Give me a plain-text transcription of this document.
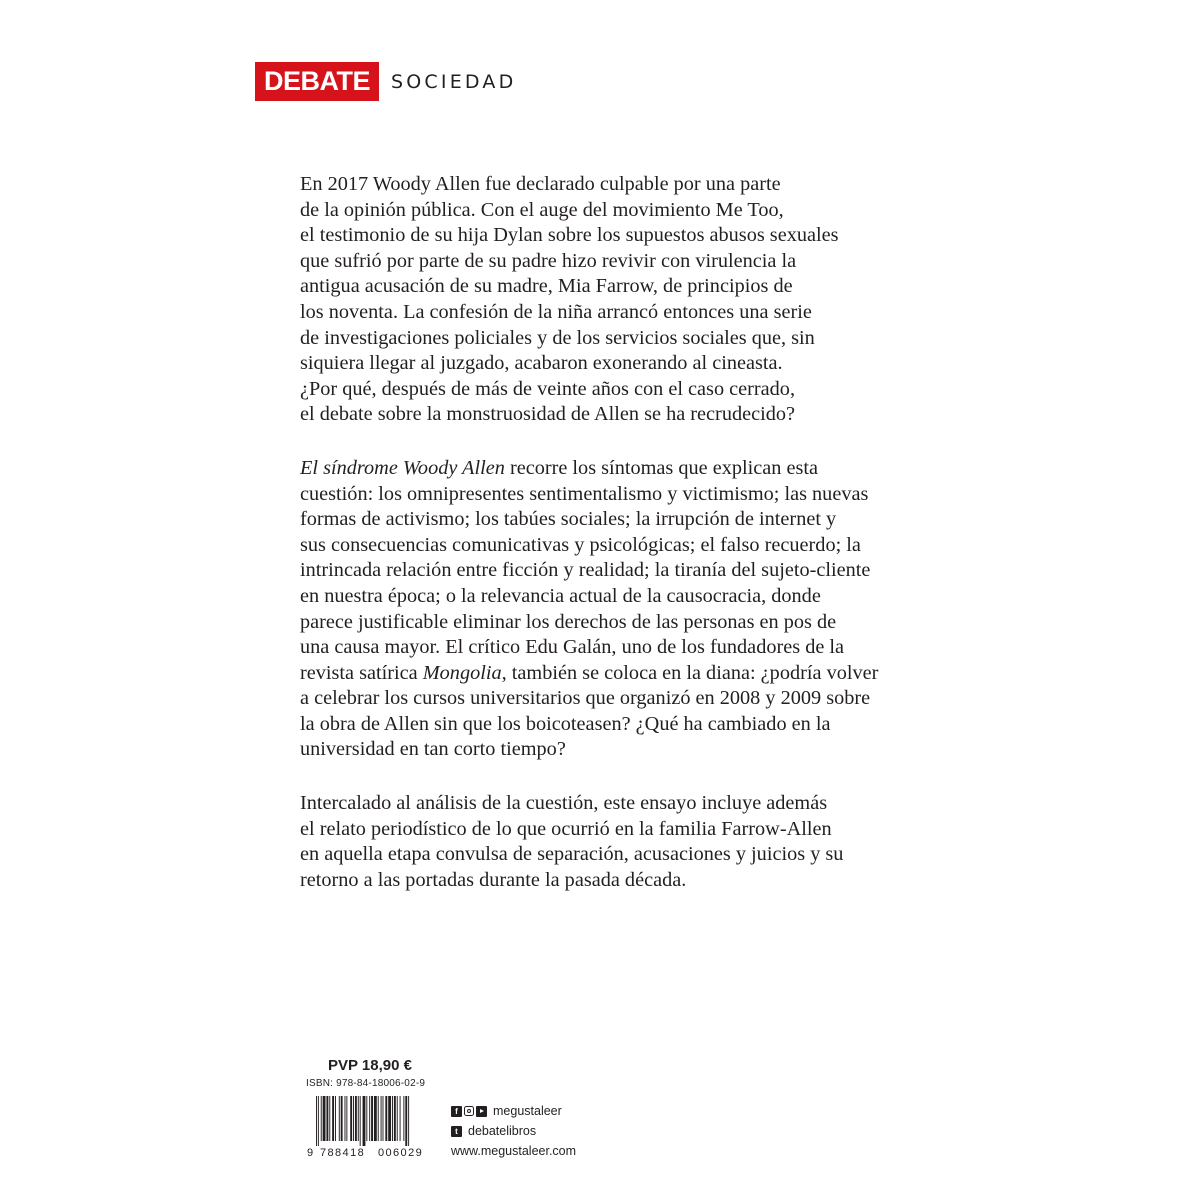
DEBATE	SOCIEDAD

En 2017 Woody Allen fue declarado culpable por una parte
de la opinión pública. Con el auge del movimiento Me Too,
el testimonio de su hija Dylan sobre los supuestos abusos sexuales
que sufrió por parte de su padre hizo revivir con virulencia la
antigua acusación de su madre, Mia Farrow, de principios de
los noventa. La confesión de la niña arrancó entonces una serie
de investigaciones policiales y de los servicios sociales que, sin
siquiera llegar al juzgado, acabaron exonerando al cineasta.
¿Por qué, después de más de veinte años con el caso cerrado,
el debate sobre la monstruosidad de Allen se ha recrudecido?

El síndrome Woody Allen recorre los síntomas que explican esta
cuestión: los omnipresentes sentimentalismo y victimismo; las nuevas
formas de activismo; los tabúes sociales; la irrupción de internet y
sus consecuencias comunicativas y psicológicas; el falso recuerdo; la
intrincada relación entre ficción y realidad; la tiranía del sujeto-cliente
en nuestra época; o la relevancia actual de la causocracia, donde
parece justificable eliminar los derechos de las personas en pos de
una causa mayor. El crítico Edu Galán, uno de los fundadores de la
revista satírica Mongolia, también se coloca en la diana: ¿podría volver
a celebrar los cursos universitarios que organizó en 2008 y 2009 sobre
la obra de Allen sin que los boicoteasen? ¿Qué ha cambiado en la
universidad en tan corto tiempo?

Intercalado al análisis de la cuestión, este ensayo incluye además
el relato periodístico de lo que ocurrió en la familia Farrow-Allen
en aquella etapa convulsa de separación, acusaciones y juicios y su
retorno a las portadas durante la pasada década.

PVP 18,90 €
ISBN: 978-84-18006-02-9
9 788418 006029
f	megustaleer
t debatelibros
www.megustaleer.com
